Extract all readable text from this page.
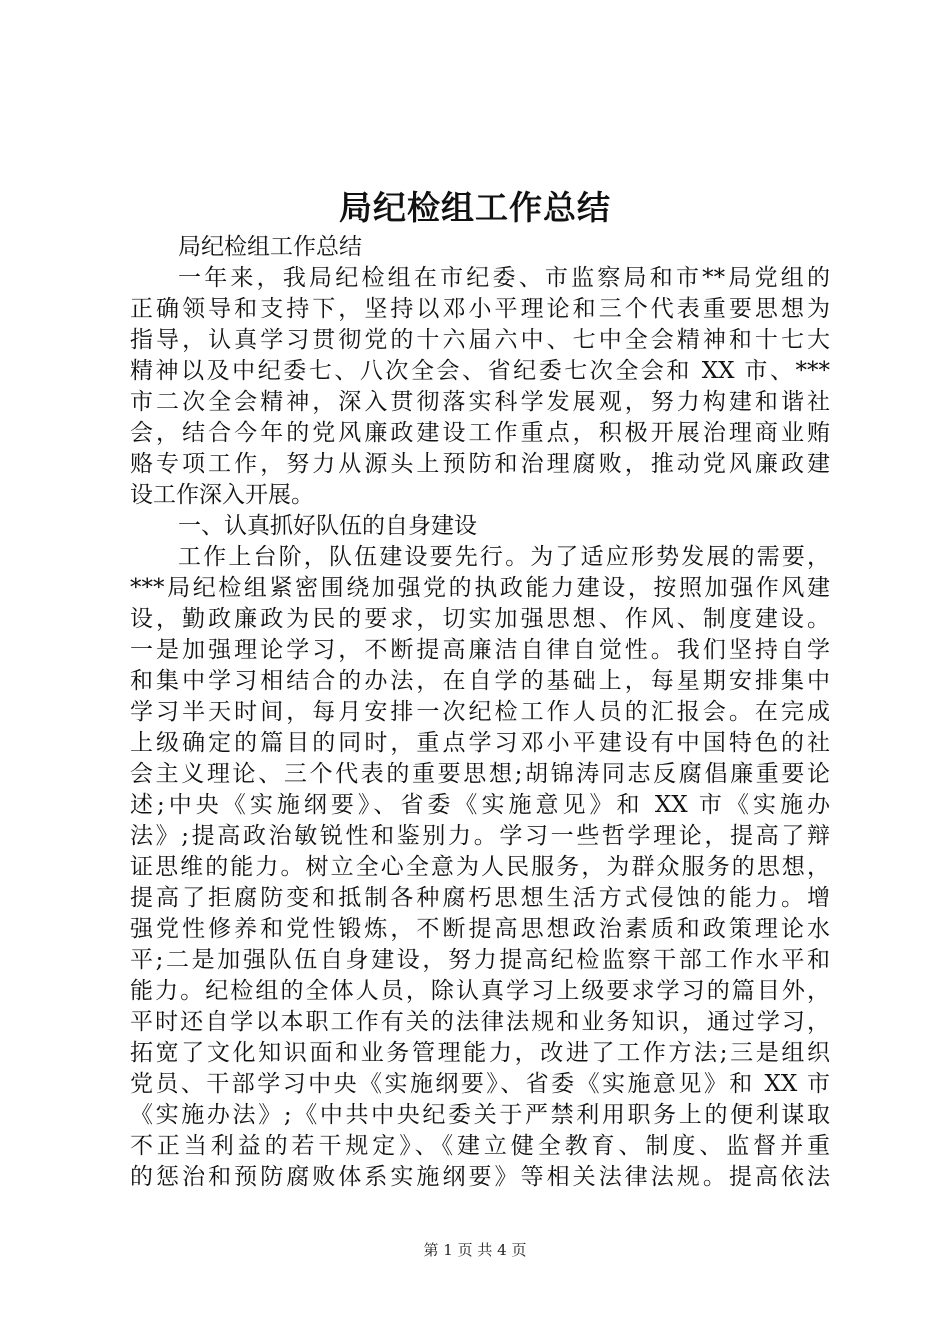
局纪检组工作总结
局纪检组工作总结
一年来，我局纪检组在市纪委、市监察局和市**局党组的
正确领导和支持下，坚持以邓小平理论和三个代表重要思想为
指导，认真学习贯彻党的十六届六中、七中全会精神和十七大
精神以及中纪委七、八次全会、省纪委七次全会和 XX 市、***
市二次全会精神，深入贯彻落实科学发展观，努力构建和谐社
会，结合今年的党风廉政建设工作重点，积极开展治理商业贿
赂专项工作，努力从源头上预防和治理腐败，推动党风廉政建
设工作深入开展。
一、认真抓好队伍的自身建设
工作上台阶，队伍建设要先行。为了适应形势发展的需要，
***局纪检组紧密围绕加强党的执政能力建设，按照加强作风建
设，勤政廉政为民的要求，切实加强思想、作风、制度建设。
一是加强理论学习，不断提高廉洁自律自觉性。我们坚持自学
和集中学习相结合的办法，在自学的基础上，每星期安排集中
学习半天时间，每月安排一次纪检工作人员的汇报会。在完成
上级确定的篇目的同时，重点学习邓小平建设有中国特色的社
会主义理论、三个代表的重要思想;胡锦涛同志反腐倡廉重要论
述;中央《实施纲要》、省委《实施意见》和 XX 市《实施办
法》;提高政治敏锐性和鉴别力。学习一些哲学理论，提高了辩
证思维的能力。树立全心全意为人民服务，为群众服务的思想，
提高了拒腐防变和抵制各种腐朽思想生活方式侵蚀的能力。增
强党性修养和党性锻炼，不断提高思想政治素质和政策理论水
平;二是加强队伍自身建设，努力提高纪检监察干部工作水平和
能力。纪检组的全体人员，除认真学习上级要求学习的篇目外，
平时还自学以本职工作有关的法律法规和业务知识，通过学习，
拓宽了文化知识面和业务管理能力，改进了工作方法;三是组织
党员、干部学习中央《实施纲要》、省委《实施意见》和 XX 市
《实施办法》;《中共中央纪委关于严禁利用职务上的便利谋取
不正当利益的若干规定》、《建立健全教育、制度、监督并重
的惩治和预防腐败体系实施纲要》等相关法律法规。提高依法
第 1 页 共 4 页
